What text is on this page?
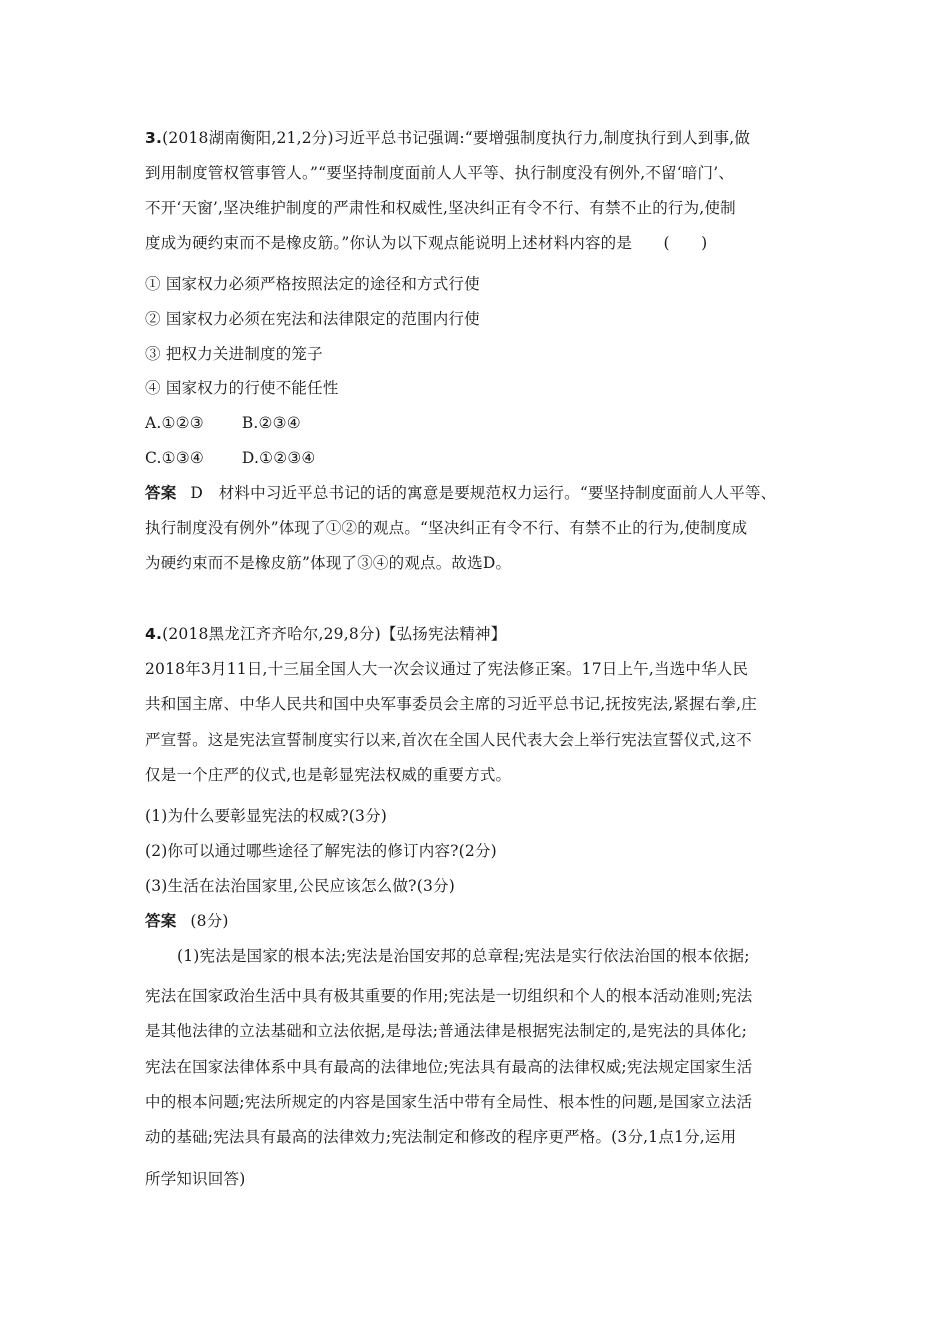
3.(2018湖南衡阳,21,2分)习近平总书记强调:“要增强制度执行力,制度执行到人到事,做
到用制度管权管事管人。”“要坚持制度面前人人平等、执行制度没有例外,不留‘暗门’、
不开‘天窗’,坚决维护制度的严肃性和权威性,坚决纠正有令不行、有禁不止的行为,使制
度成为硬约束而不是橡皮筋。”你认为以下观点能说明上述材料内容的是　　(　　)
① 国家权力必须严格按照法定的途径和方式行使
② 国家权力必须在宪法和法律限定的范围内行使
③ 把权力关进制度的笼子
④ 国家权力的行使不能任性
A.①②③ B.②③④
C.①③④ D.①②③④
答案 D　材料中习近平总书记的话的寓意是要规范权力运行。“要坚持制度面前人人平等、
执行制度没有例外”体现了①②的观点。“坚决纠正有令不行、有禁不止的行为,使制度成
为硬约束而不是橡皮筋”体现了③④的观点。故选D。
4.(2018黑龙江齐齐哈尔,29,8分)【弘扬宪法精神】
2018年3月11日,十三届全国人大一次会议通过了宪法修正案。17日上午,当选中华人民
共和国主席、中华人民共和国中央军事委员会主席的习近平总书记,抚按宪法,紧握右拳,庄
严宣誓。这是宪法宣誓制度实行以来,首次在全国人民代表大会上举行宪法宣誓仪式,这不
仅是一个庄严的仪式,也是彰显宪法权威的重要方式。
(1)为什么要彰显宪法的权威?(3分)
(2)你可以通过哪些途径了解宪法的修订内容?(2分)
(3)生活在法治国家里,公民应该怎么做?(3分)
答案 (8分)
(1)宪法是国家的根本法;宪法是治国安邦的总章程;宪法是实行依法治国的根本依据;
宪法在国家政治生活中具有极其重要的作用;宪法是一切组织和个人的根本活动准则;宪法
是其他法律的立法基础和立法依据,是母法;普通法律是根据宪法制定的,是宪法的具体化;
宪法在国家法律体系中具有最高的法律地位;宪法具有最高的法律权威;宪法规定国家生活
中的根本问题;宪法所规定的内容是国家生活中带有全局性、根本性的问题,是国家立法活
动的基础;宪法具有最高的法律效力;宪法制定和修改的程序更严格。(3分,1点1分,运用
所学知识回答)
